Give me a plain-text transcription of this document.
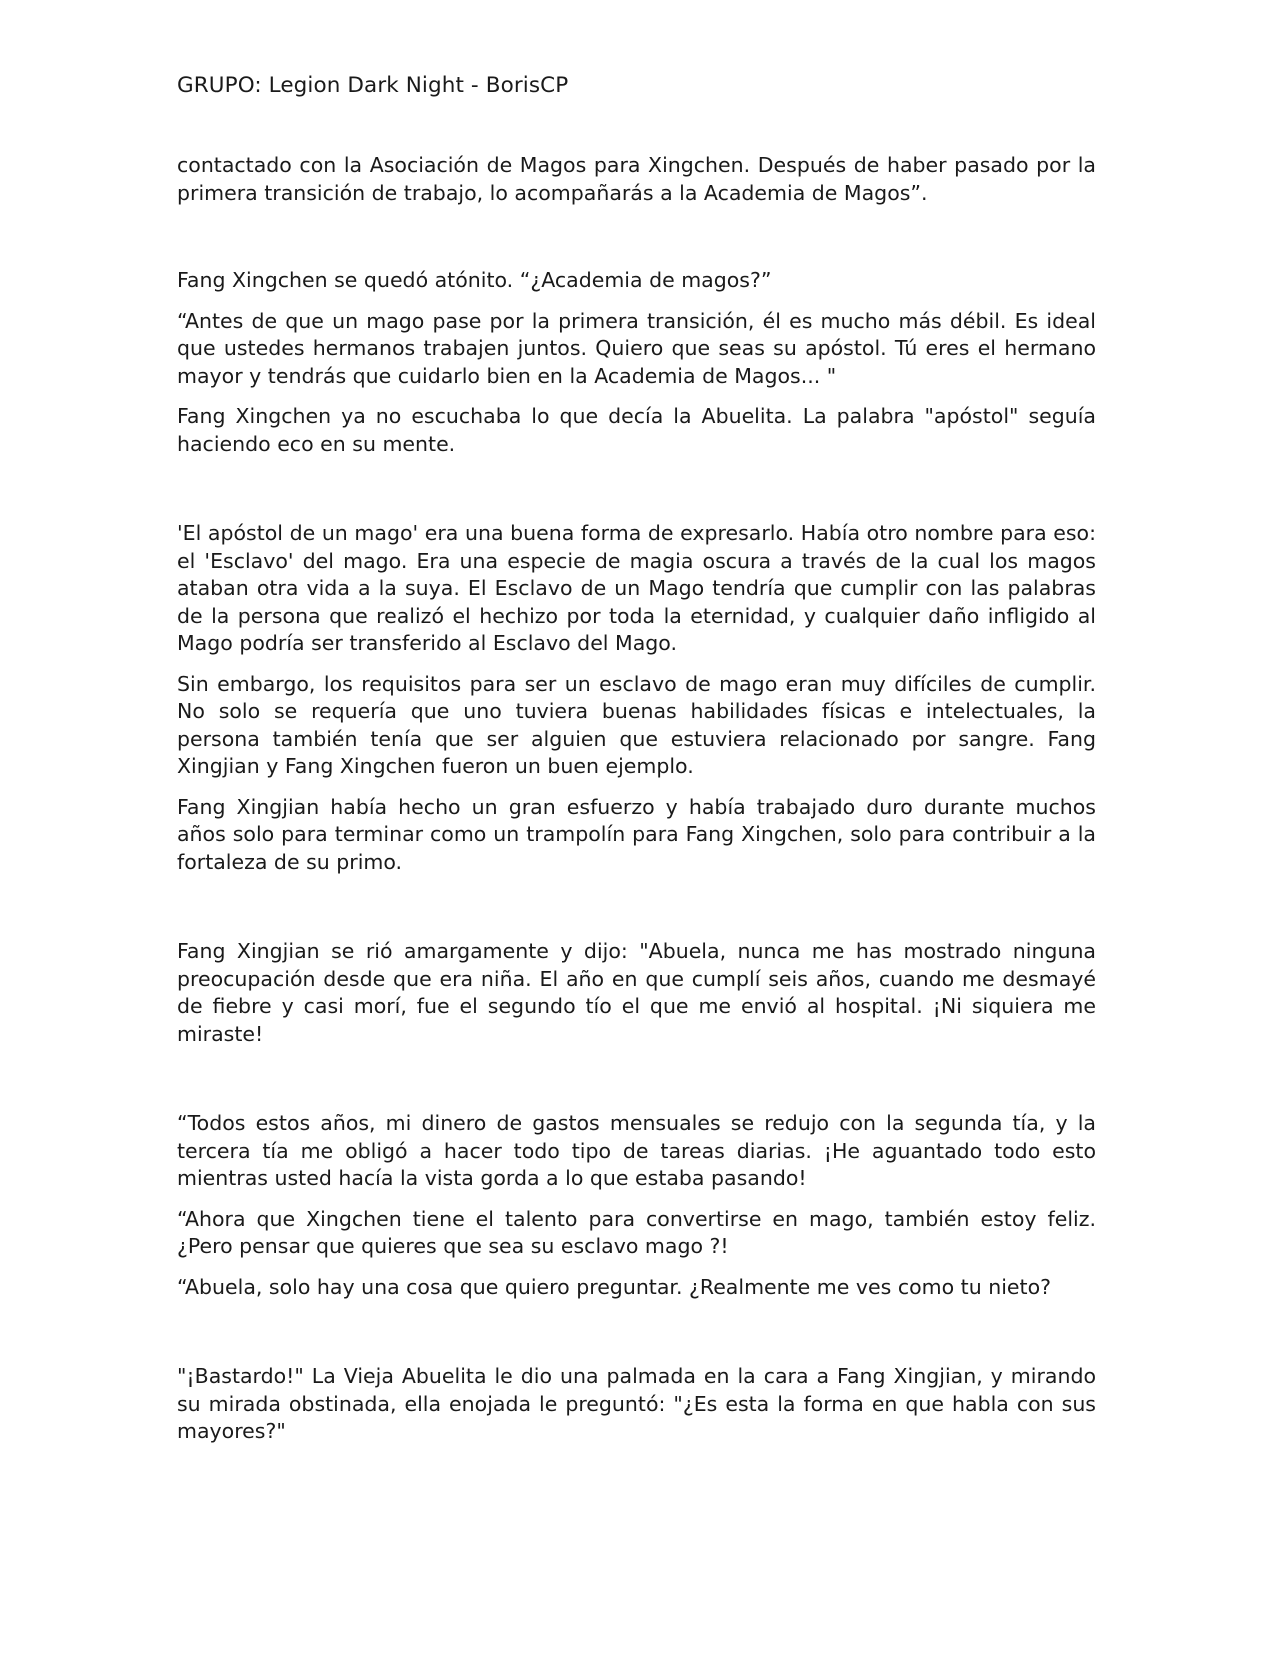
GRUPO: Legion Dark Night - BorisCP

contactado con la Asociación de Magos para Xingchen. Después de haber pasado por la primera transición de trabajo, lo acompañarás a la Academia de Magos”.

Fang Xingchen se quedó atónito. “¿Academia de magos?”

“Antes de que un mago pase por la primera transición, él es mucho más débil. Es ideal que ustedes hermanos trabajen juntos. Quiero que seas su apóstol. Tú eres el hermano mayor y tendrás que cuidarlo bien en la Academia de Magos... "

Fang Xingchen ya no escuchaba lo que decía la Abuelita. La palabra "apóstol" seguía haciendo eco en su mente.

'El apóstol de un mago' era una buena forma de expresarlo. Había otro nombre para eso: el 'Esclavo' del mago. Era una especie de magia oscura a través de la cual los magos ataban otra vida a la suya. El Esclavo de un Mago tendría que cumplir con las palabras de la persona que realizó el hechizo por toda la eternidad, y cualquier daño infligido al Mago podría ser transferido al Esclavo del Mago.

Sin embargo, los requisitos para ser un esclavo de mago eran muy difíciles de cumplir. No solo se requería que uno tuviera buenas habilidades físicas e intelectuales, la persona también tenía que ser alguien que estuviera relacionado por sangre. Fang Xingjian y Fang Xingchen fueron un buen ejemplo.

Fang Xingjian había hecho un gran esfuerzo y había trabajado duro durante muchos años solo para terminar como un trampolín para Fang Xingchen, solo para contribuir a la fortaleza de su primo.

Fang Xingjian se rió amargamente y dijo: "Abuela, nunca me has mostrado ninguna preocupación desde que era niña. El año en que cumplí seis años, cuando me desmayé de fiebre y casi morí, fue el segundo tío el que me envió al hospital. ¡Ni siquiera me miraste!

“Todos estos años, mi dinero de gastos mensuales se redujo con la segunda tía, y la tercera tía me obligó a hacer todo tipo de tareas diarias. ¡He aguantado todo esto mientras usted hacía la vista gorda a lo que estaba pasando!

“Ahora que Xingchen tiene el talento para convertirse en mago, también estoy feliz. ¿Pero pensar que quieres que sea su esclavo mago ?!

“Abuela, solo hay una cosa que quiero preguntar. ¿Realmente me ves como tu nieto?

"¡Bastardo!" La Vieja Abuelita le dio una palmada en la cara a Fang Xingjian, y mirando su mirada obstinada, ella enojada le preguntó: "¿Es esta la forma en que habla con sus mayores?"
